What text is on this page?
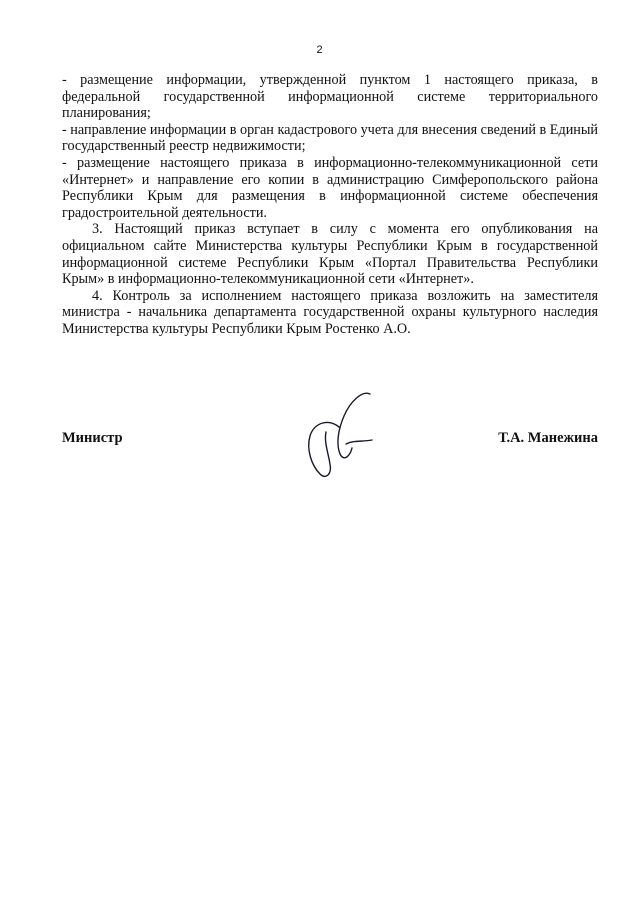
2

- размещение информации, утвержденной пунктом 1 настоящего приказа, в федеральной государственной информационной системе территориального планирования;

- направление информации в орган кадастрового учета для внесения сведений в Единый государственный реестр недвижимости;

- размещение настоящего приказа в информационно-телекоммуникационной сети «Интернет» и направление его копии в администрацию Симферопольского района Республики Крым для размещения в информационной системе обеспечения градостроительной деятельности.

3. Настоящий приказ вступает в силу с момента его опубликования на официальном сайте Министерства культуры Республики Крым в государственной информационной системе Республики Крым «Портал Правительства Республики Крым» в информационно-телекоммуникационной сети «Интернет».

4. Контроль за исполнением настоящего приказа возложить на заместителя министра - начальника департамента государственной охраны культурного наследия Министерства культуры Республики Крым Ростенко А.О.

Министр	Т.А. Манежина
